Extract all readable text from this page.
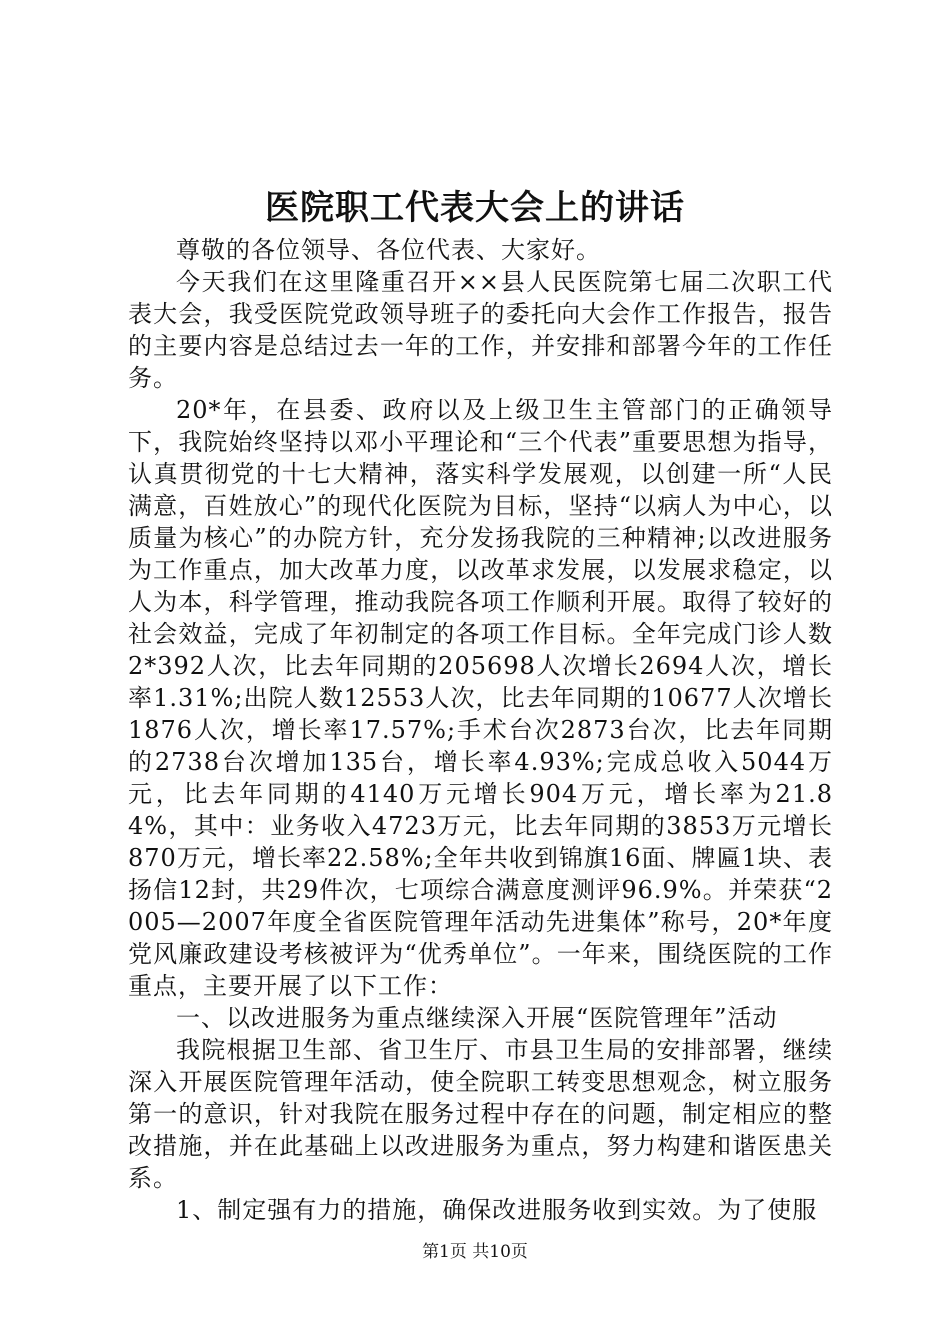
医院职工代表大会上的讲话

尊敬的各位领导、各位代表、大家好。

今天我们在这里隆重召开××县人民医院第七届二次职工代表大会，我受医院党政领导班子的委托向大会作工作报告，报告的主要内容是总结过去一年的工作，并安排和部署今年的工作任务。

20*年，在县委、政府以及上级卫生主管部门的正确领导下，我院始终坚持以邓小平理论和“三个代表”重要思想为指导，认真贯彻党的十七大精神，落实科学发展观，以创建一所“人民满意，百姓放心”的现代化医院为目标，坚持“以病人为中心，以质量为核心”的办院方针，充分发扬我院的三种精神;以改进服务为工作重点，加大改革力度，以改革求发展，以发展求稳定，以人为本，科学管理，推动我院各项工作顺利开展。取得了较好的社会效益，完成了年初制定的各项工作目标。全年完成门诊人数2*392人次，比去年同期的205698人次增长2694人次，增长率1.31%;出院人数12553人次，比去年同期的10677人次增长1876人次，增长率17.57%;手术台次2873台次，比去年同期的2738台次增加135台，增长率4.93%;完成总收入5044万元，比去年同期的4140万元增长904万元，增长率为21.84%，其中：业务收入4723万元，比去年同期的3853万元增长870万元，增长率22.58%;全年共收到锦旗16面、牌匾1块、表扬信12封，共29件次，七项综合满意度测评96.9%。并荣获“2005—2007年度全省医院管理年活动先进集体”称号，20*年度党风廉政建设考核被评为“优秀单位”。一年来，围绕医院的工作重点，主要开展了以下工作：

一、以改进服务为重点继续深入开展“医院管理年”活动

我院根据卫生部、省卫生厅、市县卫生局的安排部署，继续深入开展医院管理年活动，使全院职工转变思想观念，树立服务第一的意识，针对我院在服务过程中存在的问题，制定相应的整改措施，并在此基础上以改进服务为重点，努力构建和谐医患关系。

1、制定强有力的措施，确保改进服务收到实效。为了使服

第1页 共10页
